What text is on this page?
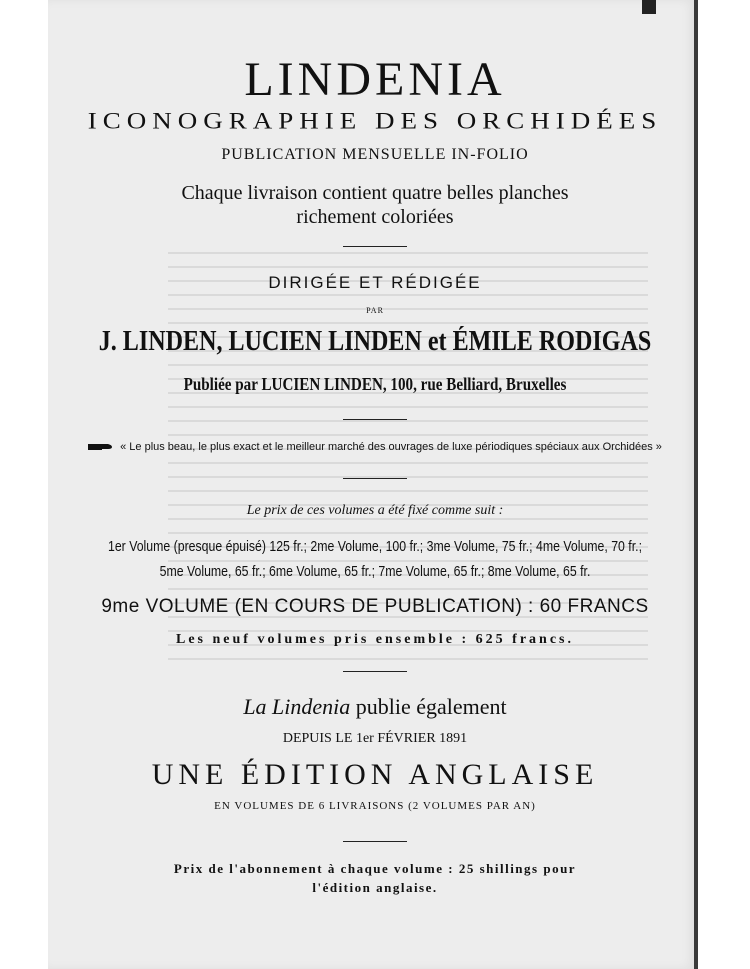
LINDENIA
ICONOGRAPHIE DES ORCHIDÉES
PUBLICATION MENSUELLE IN-FOLIO
Chaque livraison contient quatre belles planches
richement coloriées
DIRIGÉE ET RÉDIGÉE
PAR
J. LINDEN, LUCIEN LINDEN et ÉMILE RODIGAS
Publiée par LUCIEN LINDEN, 100, rue Belliard, Bruxelles
« Le plus beau, le plus exact et le meilleur marché des ouvrages de luxe périodiques spéciaux aux Orchidées »
Le prix de ces volumes a été fixé comme suit :
1er Volume (presque épuisé) 125 fr.; 2me Volume, 100 fr.; 3me Volume, 75 fr.; 4me Volume, 70 fr.;
5me Volume, 65 fr.; 6me Volume, 65 fr.; 7me Volume, 65 fr.; 8me Volume, 65 fr.
9me VOLUME (EN COURS DE PUBLICATION) : 60 FRANCS
Les neuf volumes pris ensemble : 625 francs.
La Lindenia publie également
DEPUIS LE 1er FÉVRIER 1891
UNE ÉDITION ANGLAISE
EN VOLUMES DE 6 LIVRAISONS (2 VOLUMES PAR AN)
Prix de l'abonnement à chaque volume : 25 shillings pour
l'édition anglaise.
